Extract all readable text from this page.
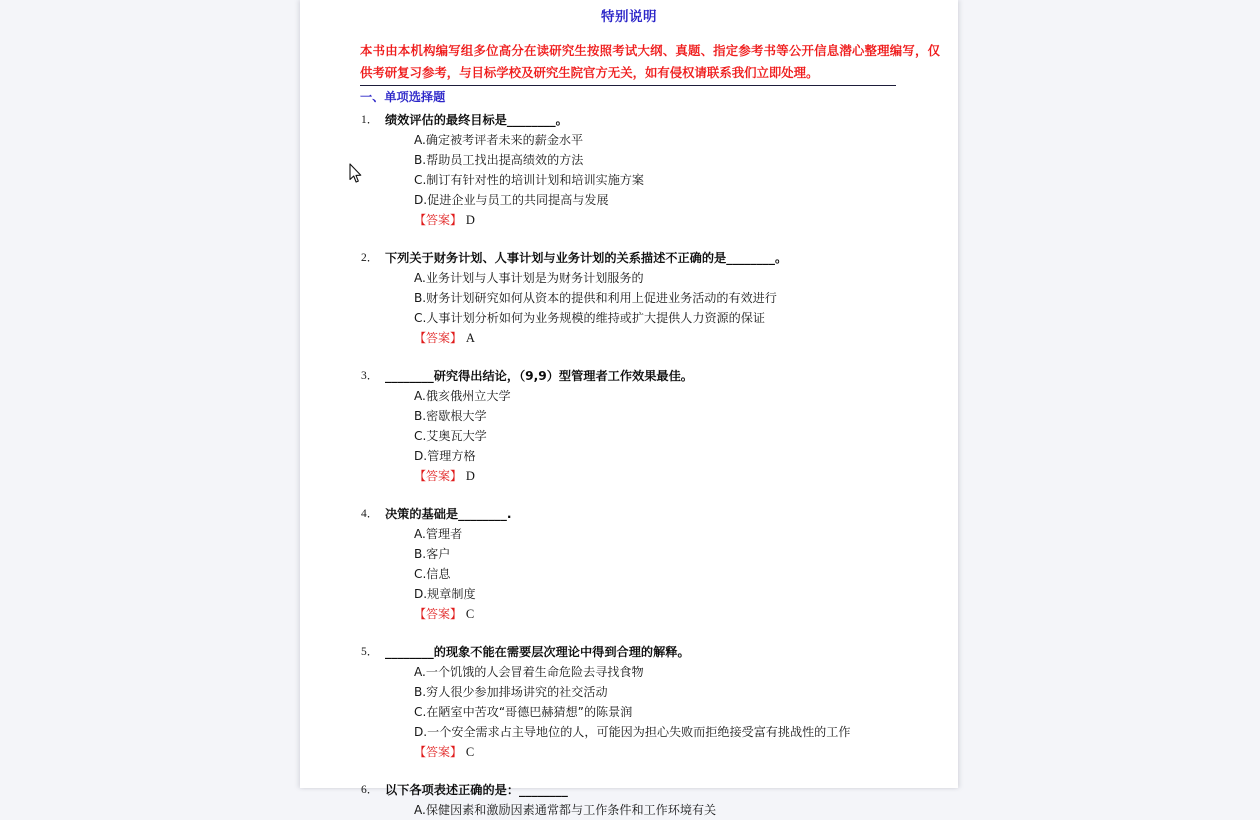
特别说明

本书由本机构编写组多位高分在读研究生按照考试大纲、真题、指定参考书等公开信息潜心整理编写，仅供考研复习参考，与目标学校及研究生院官方无关，如有侵权请联系我们立即处理。

一、单项选择题
1． 绩效评估的最终目标是________。
A.确定被考评者未来的薪金水平
B.帮助员工找出提高绩效的方法
C.制订有针对性的培训计划和培训实施方案
D.促进企业与员工的共同提高与发展
【答案】 D
2． 下列关于财务计划、人事计划与业务计划的关系描述不正确的是________。
A.业务计划与人事计划是为财务计划服务的
B.财务计划研究如何从资本的提供和利用上促进业务活动的有效进行
C.人事计划分析如何为业务规模的维持或扩大提供人力资源的保证
【答案】 A
3． ________研究得出结论，（9,9）型管理者工作效果最佳。
A.俄亥俄州立大学
B.密歇根大学
C.艾奥瓦大学
D.管理方格
【答案】 D
4． 决策的基础是________.
A.管理者
B.客户
C.信息
D.规章制度
【答案】 C
5． ________的现象不能在需要层次理论中得到合理的解释。
A.一个饥饿的人会冒着生命危险去寻找食物
B.穷人很少参加排场讲究的社交活动
C.在陋室中苦攻“哥德巴赫猜想”的陈景润
D.一个安全需求占主导地位的人，可能因为担心失败而拒绝接受富有挑战性的工作
【答案】 C
6． 以下各项表述正确的是：________
A.保健因素和激励因素通常都与工作条件和工作环境有关
